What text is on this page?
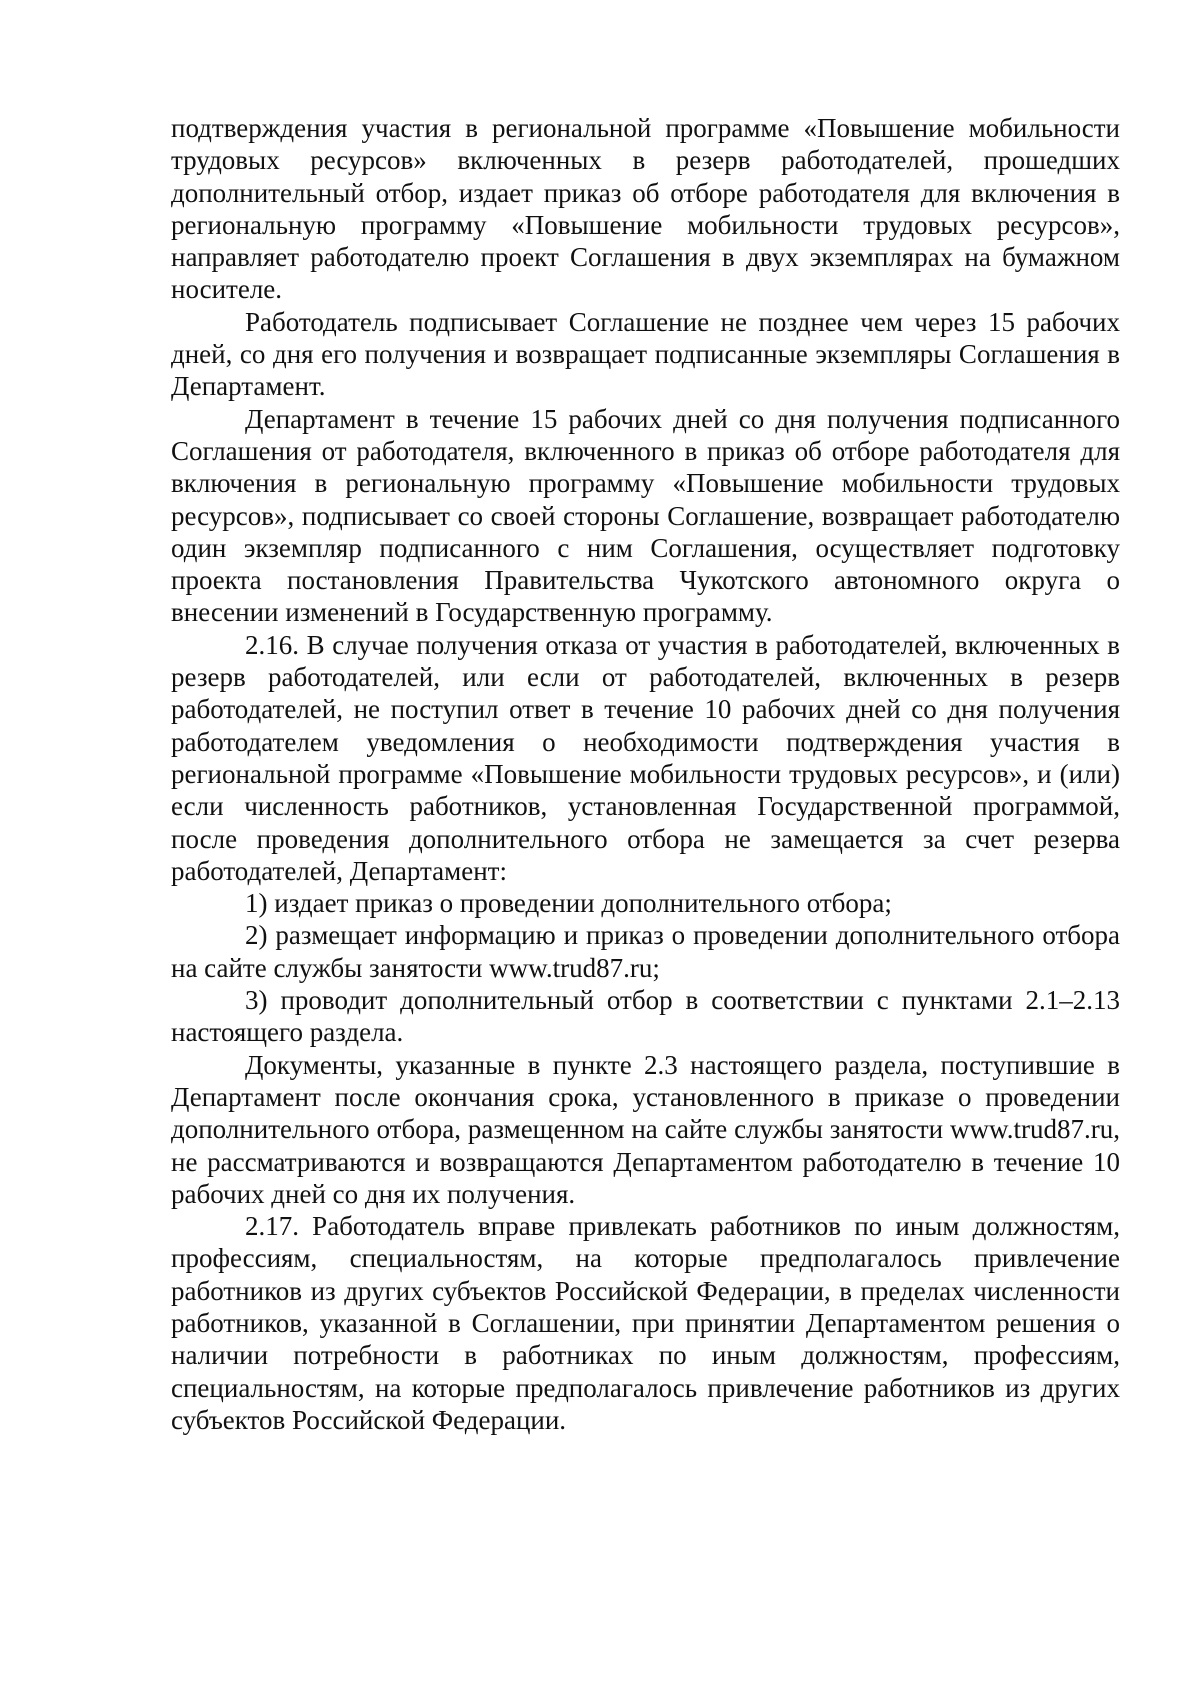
подтверждения участия в региональной программе «Повышение мобильности трудовых ресурсов» включенных в резерв работодателей, прошедших дополнительный отбор, издает приказ об отборе работодателя для включения в региональную программу «Повышение мобильности трудовых ресурсов», направляет работодателю проект Соглашения в двух экземплярах на бумажном носителе.

Работодатель подписывает Соглашение не позднее чем через 15 рабочих дней, со дня его получения и возвращает подписанные экземпляры Соглашения в Департамент.

Департамент в течение 15 рабочих дней со дня получения подписанного Соглашения от работодателя, включенного в приказ об отборе работодателя для включения в региональную программу «Повышение мобильности трудовых ресурсов», подписывает со своей стороны Соглашение, возвращает работодателю один экземпляр подписанного с ним Соглашения, осуществляет подготовку проекта постановления Правительства Чукотского автономного округа о внесении изменений в Государственную программу.

2.16. В случае получения отказа от участия в работодателей, включенных в резерв работодателей, или если от работодателей, включенных в резерв работодателей, не поступил ответ в течение 10 рабочих дней со дня получения работодателем уведомления о необходимости подтверждения участия в региональной программе «Повышение мобильности трудовых ресурсов», и (или) если численность работников, установленная Государственной программой, после проведения дополнительного отбора не замещается за счет резерва работодателей, Департамент:

1) издает приказ о проведении дополнительного отбора;

2) размещает информацию и приказ о проведении дополнительного отбора на сайте службы занятости www.trud87.ru;

3) проводит дополнительный отбор в соответствии с пунктами 2.1–2.13 настоящего раздела.

Документы, указанные в пункте 2.3 настоящего раздела, поступившие в Департамент после окончания срока, установленного в приказе о проведении дополнительного отбора, размещенном на сайте службы занятости www.trud87.ru, не рассматриваются и возвращаются Департаментом работодателю в течение 10 рабочих дней со дня их получения.

2.17. Работодатель вправе привлекать работников по иным должностям, профессиям, специальностям, на которые предполагалось привлечение работников из других субъектов Российской Федерации, в пределах численности работников, указанной в Соглашении, при принятии Департаментом решения о наличии потребности в работниках по иным должностям, профессиям, специальностям, на которые предполагалось привлечение работников из других субъектов Российской Федерации.
